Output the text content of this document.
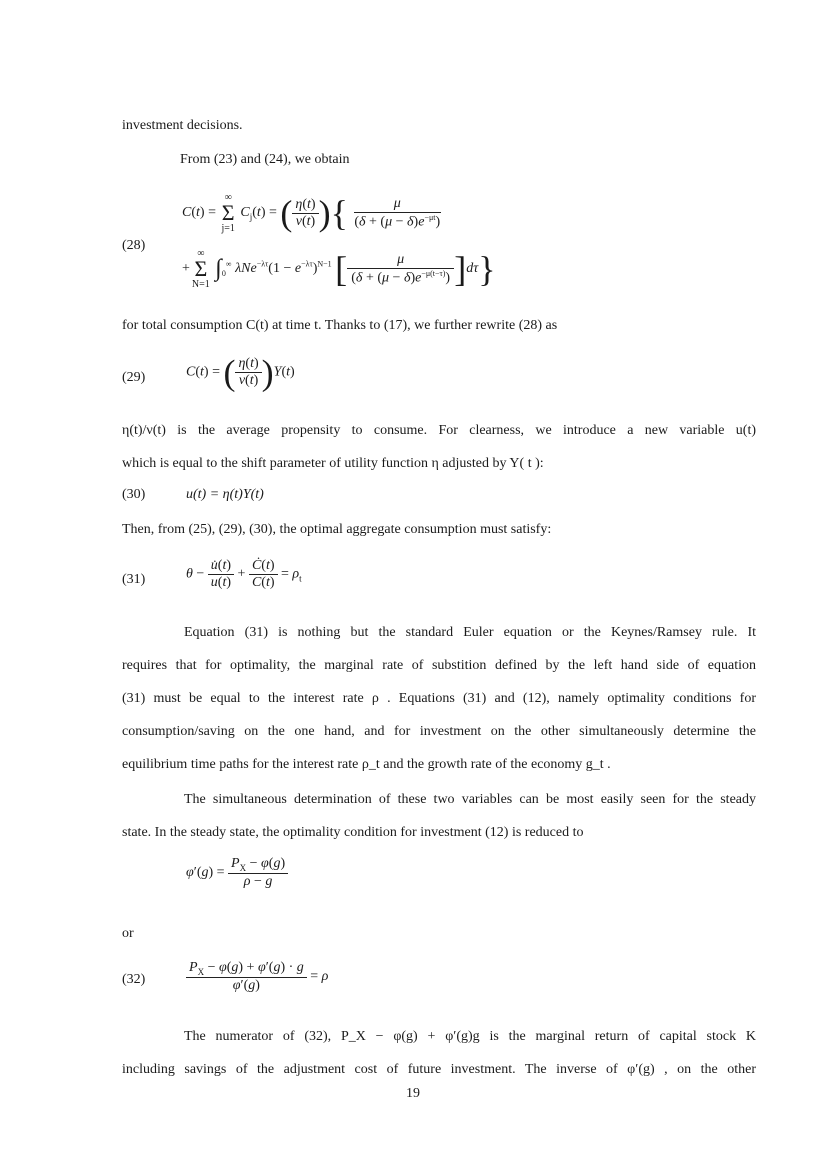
investment decisions.
From (23) and (24), we obtain
(28)
C(t) =
∞
Σ
j=1
$C_j(t)$ = ( $\frac{\eta(t)}{\nu(t)}$ ){ $\frac{\mu}{(\delta + (\mu - \delta)e^{-\mu t})}$
+
∞
Σ
N=1
$\int_0^\infty$ $\lambda Ne^{-\lambda\tau}(1 - e^{-\lambda\tau})^{N-1}$ [ $\frac{\mu}{(\delta + (\mu - \delta)e^{-\mu(t-\tau)})} ]d\tau$}
for total consumption C(t) at time t. Thanks to (17), we further rewrite (28) as
(29)	C(t) = ( $\frac{\eta(t)}{\nu(t)} )Y(t)$
η(t)/ν(t) is the average propensity to consume. For clearness, we introduce a new variable u(t)
which is equal to the shift parameter of utility function η adjusted by Y( t ):
(30)	u(t) = η(t)Y(t)
Then, from (25), (29), (30), the optimal aggregate consumption must satisfy:
(31)	$\theta - \frac{u̇(t)}{u(t)} + \frac{Ċ(t)}{C(t)} = \rho_t$
Equation (31) is nothing but the standard Euler equation or the Keynes/Ramsey rule. It
requires that for optimality, the marginal rate of substition defined by the left hand side of equation
(31) must be equal to the interest rate ρ . Equations (31) and (12), namely optimality conditions for
consumption/saving on the one hand, and for investment on the other simultaneously determine the
equilibrium time paths for the interest rate ρ_t and the growth rate of the economy g_t .
The simultaneous determination of these two variables can be most easily seen for the steady
state. In the steady state, the optimality condition for investment (12) is reduced to
$\varphi'(g) = \frac{P_X - \varphi(g)}{\rho - g}$
or
(32)	$\frac{P_X - \varphi(g) + \varphi'(g) \cdot g}{\varphi'(g)} = \rho$
The numerator of (32), P_X − φ(g) + φ′(g)g is the marginal return of capital stock K
including savings of the adjustment cost of future investment. The inverse of φ′(g) , on the other
19
